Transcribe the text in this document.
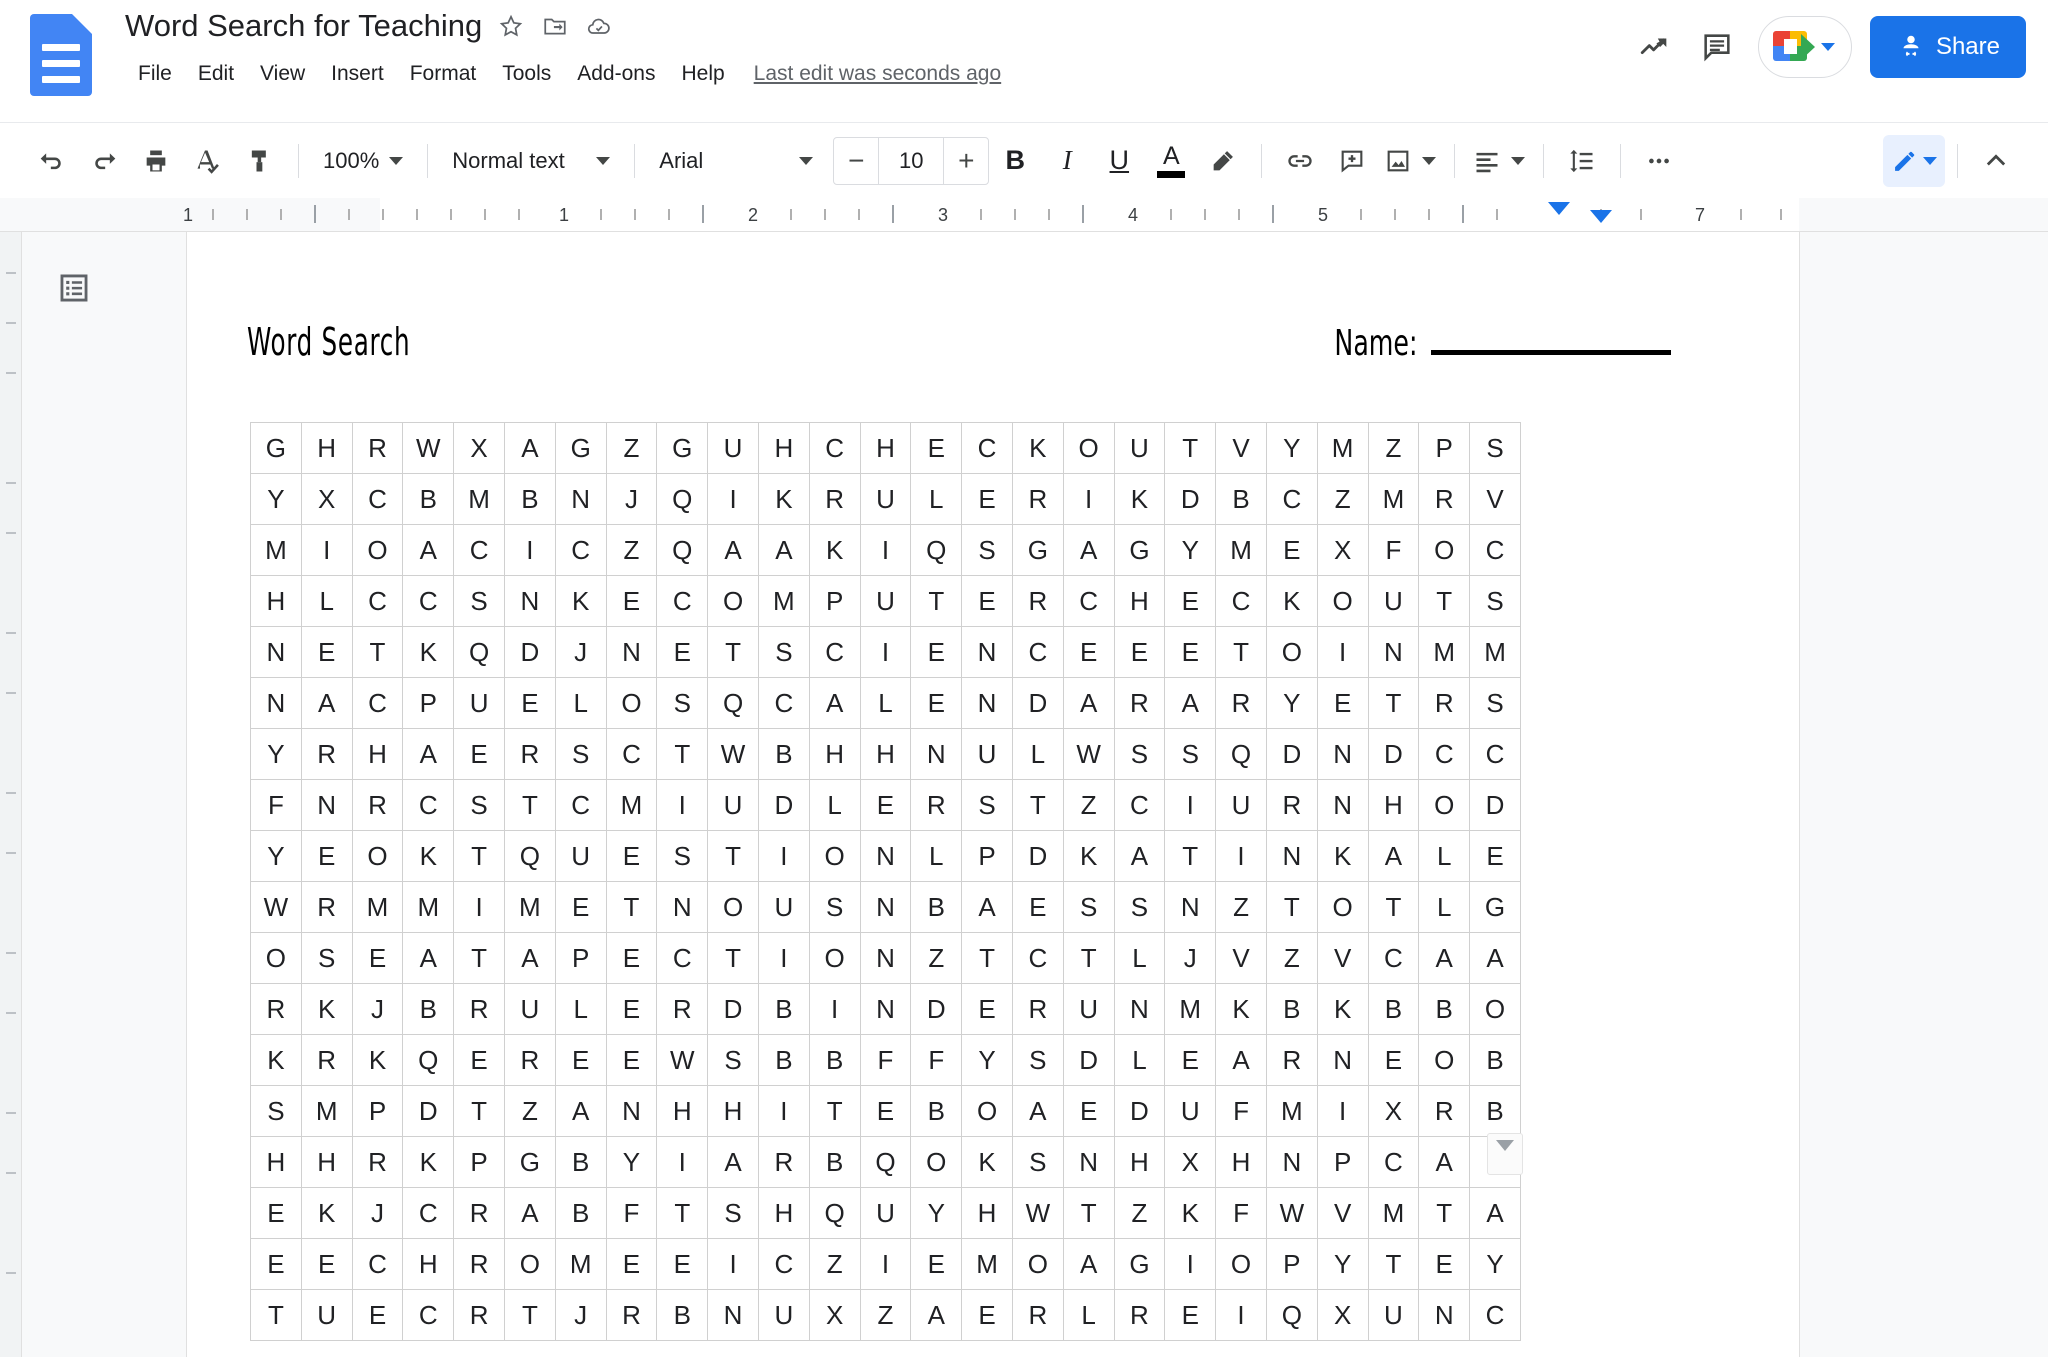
Word Search for Teaching
File	Edit	View	Insert	Format	Tools	Add-ons	Help	Last edit was seconds ago
Share
100%	Normal text	Arial	−	10	+	B I U A
1	1	2	3	4	5	7
Word Search	Name:
G	H	R	W	X	A	G	Z	G	U	H	C	H	E	C	K	O	U	T	V	Y	M	Z	P	S
Y	X	C	B	M	B	N	J	Q	I	K	R	U	L	E	R	I	K	D	B	C	Z	M	R	V
M	I	O	A	C	I	C	Z	Q	A	A	K	I	Q	S	G	A	G	Y	M	E	X	F	O	C
H	L	C	C	S	N	K	E	C	O	M	P	U	T	E	R	C	H	E	C	K	O	U	T	S
N	E	T	K	Q	D	J	N	E	T	S	C	I	E	N	C	E	E	E	T	O	I	N	M	M
N	A	C	P	U	E	L	O	S	Q	C	A	L	E	N	D	A	R	A	R	Y	E	T	R	S
Y	R	H	A	E	R	S	C	T	W	B	H	H	N	U	L	W	S	S	Q	D	N	D	C	C
F	N	R	C	S	T	C	M	I	U	D	L	E	R	S	T	Z	C	I	U	R	N	H	O	D
Y	E	O	K	T	Q	U	E	S	T	I	O	N	L	P	D	K	A	T	I	N	K	A	L	E
W	R	M	M	I	M	E	T	N	O	U	S	N	B	A	E	S	S	N	Z	T	O	T	L	G
O	S	E	A	T	A	P	E	C	T	I	O	N	Z	T	C	T	L	J	V	Z	V	C	A	A
R	K	J	B	R	U	L	E	R	D	B	I	N	D	E	R	U	N	M	K	B	K	B	B	O
K	R	K	Q	E	R	E	E	W	S	B	B	F	F	Y	S	D	L	E	A	R	N	E	O	B
S	M	P	D	T	Z	A	N	H	H	I	T	E	B	O	A	E	D	U	F	M	I	X	R	B
H	H	R	K	P	G	B	Y	I	A	R	B	Q	O	K	S	N	H	X	H	N	P	C	A	

E	K	J	C	R	A	B	F	T	S	H	Q	U	Y	H	W	T	Z	K	F	W	V	M	T	A
E	E	C	H	R	O	M	E	E	I	C	Z	I	E	M	O	A	G	I	O	P	Y	T	E	Y
T	U	E	C	R	T	J	R	B	N	U	X	Z	A	E	R	L	R	E	I	Q	X	U	N	C
